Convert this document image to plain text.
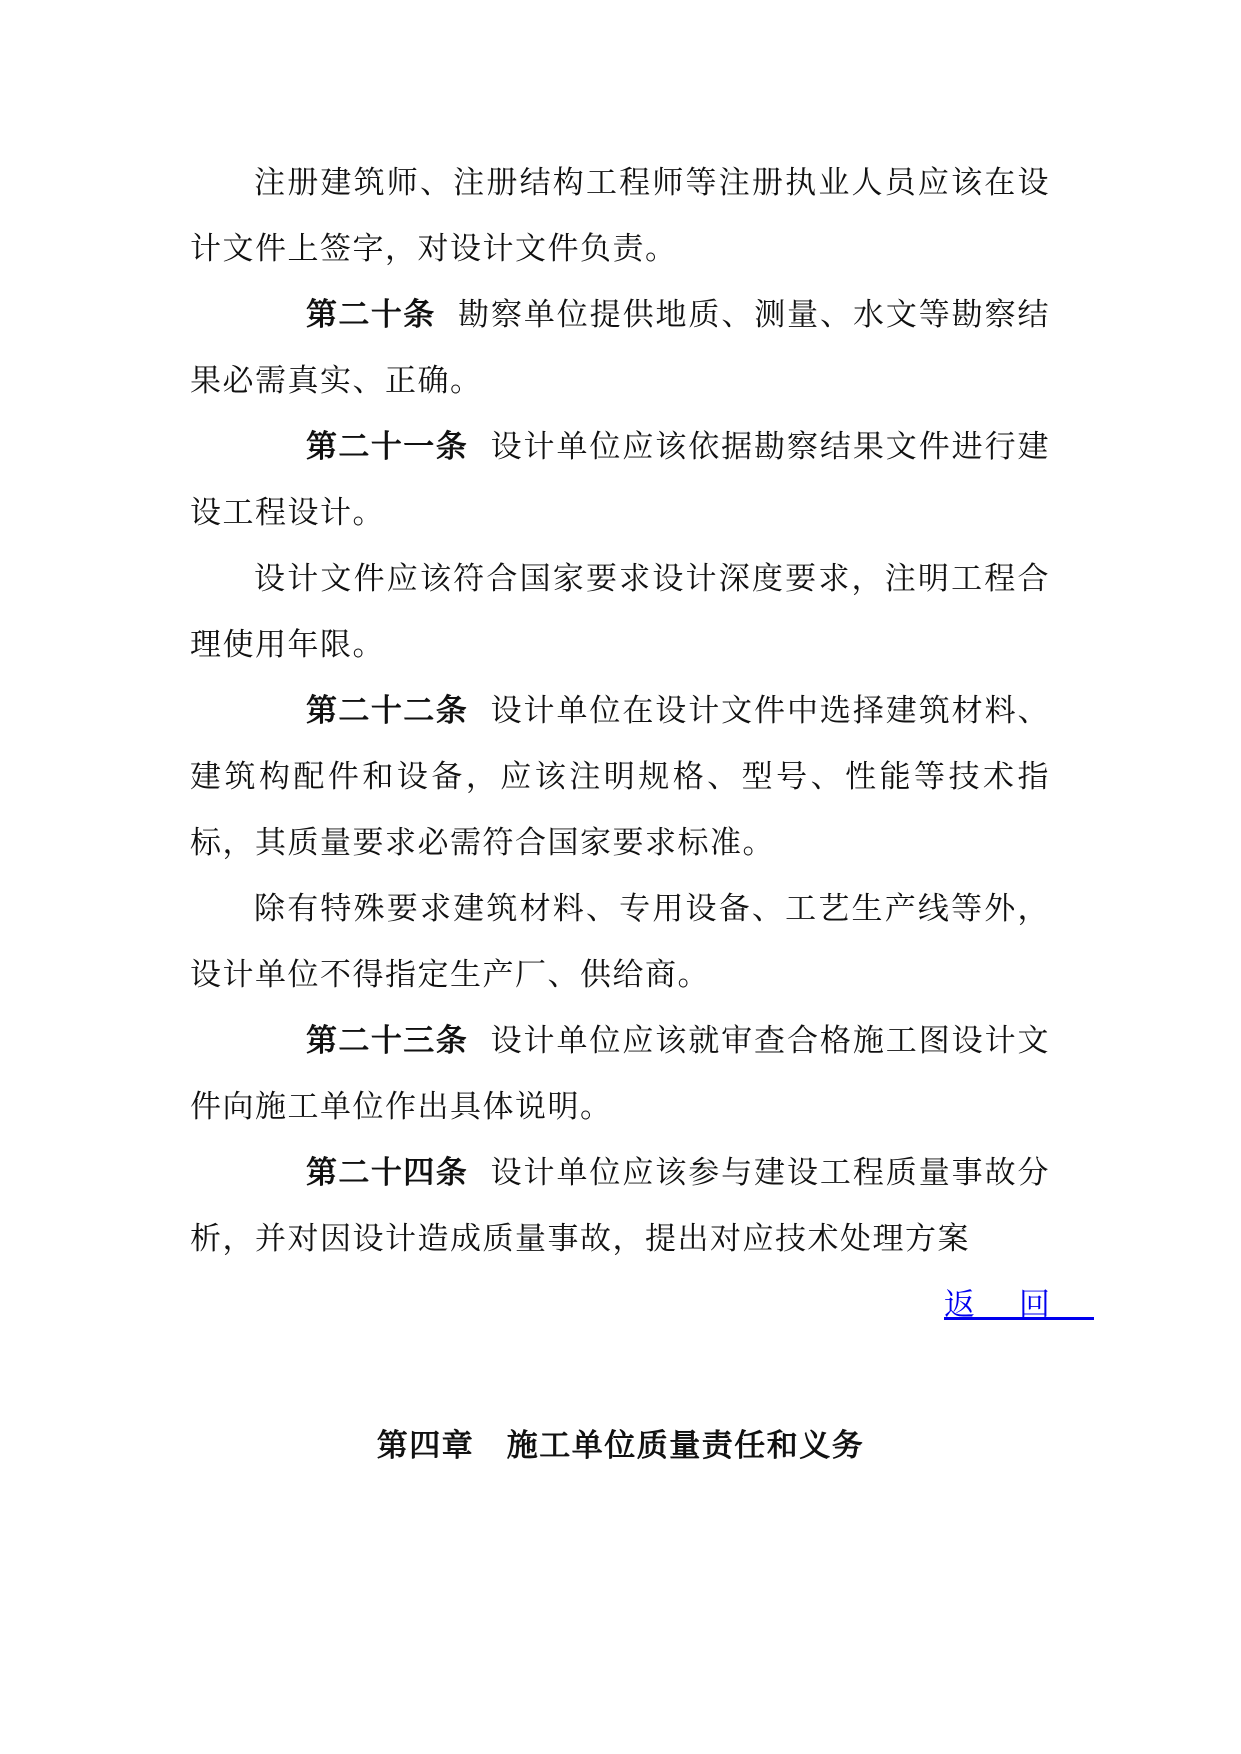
注册建筑师、注册结构工程师等注册执业人员应该在设计文件上签字，对设计文件负责。

第二十条 勘察单位提供地质、测量、水文等勘察结果必需真实、正确。

第二十一条 设计单位应该依据勘察结果文件进行建设工程设计。

设计文件应该符合国家要求设计深度要求，注明工程合理使用年限。

第二十二条 设计单位在设计文件中选择建筑材料、建筑构配件和设备，应该注明规格、型号、性能等技术指标，其质量要求必需符合国家要求标准。

除有特殊要求建筑材料、专用设备、工艺生产线等外，设计单位不得指定生产厂、供给商。

第二十三条 设计单位应该就审查合格施工图设计文件向施工单位作出具体说明。

第二十四条 设计单位应该参与建设工程质量事故分析，并对因设计造成质量事故，提出对应技术处理方案

返回
第四章　施工单位质量责任和义务
